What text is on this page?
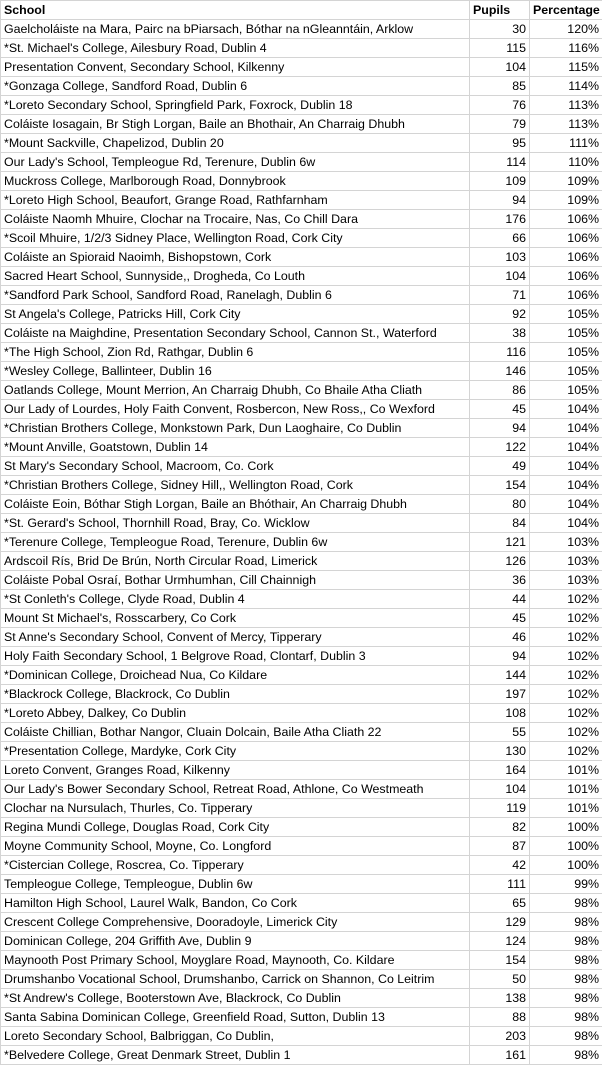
School	Pupils	Percentage
Gaelcholáiste na Mara, Pairc na bPiarsach, Bóthar na nGleanntáin, Arklow	30	120%
*St. Michael's College, Ailesbury Road, Dublin 4	115	116%
Presentation Convent, Secondary School, Kilkenny	104	115%
*Gonzaga College, Sandford Road, Dublin 6	85	114%
*Loreto Secondary School, Springfield Park, Foxrock, Dublin 18	76	113%
Coláiste Iosagain, Br Stigh Lorgan, Baile an Bhothair, An Charraig Dhubh	79	113%
*Mount Sackville, Chapelizod, Dublin 20	95	111%
Our Lady's School, Templeogue Rd, Terenure, Dublin 6w	114	110%
Muckross College, Marlborough Road, Donnybrook	109	109%
*Loreto High School, Beaufort, Grange Road, Rathfarnham	94	109%
Coláiste Naomh Mhuire, Clochar na Trocaire, Nas, Co Chill Dara	176	106%
*Scoil Mhuire, 1/2/3 Sidney Place, Wellington Road, Cork City	66	106%
Coláiste an Spioraid Naoimh, Bishopstown, Cork	103	106%
Sacred Heart School, Sunnyside,, Drogheda, Co Louth	104	106%
*Sandford Park School, Sandford Road, Ranelagh, Dublin 6	71	106%
St Angela's College, Patricks Hill, Cork City	92	105%
Coláiste na Maighdine, Presentation Secondary School, Cannon St., Waterford	38	105%
*The High School, Zion Rd, Rathgar, Dublin 6	116	105%
*Wesley College, Ballinteer, Dublin 16	146	105%
Oatlands College, Mount Merrion, An Charraig Dhubh, Co Bhaile Atha Cliath	86	105%
Our Lady of Lourdes, Holy Faith Convent, Rosbercon, New Ross,, Co Wexford	45	104%
*Christian Brothers College, Monkstown Park, Dun Laoghaire, Co Dublin	94	104%
*Mount Anville, Goatstown, Dublin 14	122	104%
St Mary's Secondary School, Macroom, Co. Cork	49	104%
*Christian Brothers College, Sidney Hill,, Wellington Road, Cork	154	104%
Coláiste Eoin, Bóthar Stigh Lorgan, Baile an Bhóthair, An Charraig Dhubh	80	104%
*St. Gerard's School, Thornhill Road, Bray, Co. Wicklow	84	104%
*Terenure College, Templeogue Road, Terenure, Dublin 6w	121	103%
Ardscoil Rís, Brid De Brún, North Circular Road, Limerick	126	103%
Coláiste Pobal Osraí, Bothar Urmhumhan, Cill Chainnigh	36	103%
*St Conleth's College, Clyde Road, Dublin 4	44	102%
Mount St Michael's, Rosscarbery, Co Cork	45	102%
St Anne's Secondary School, Convent of Mercy, Tipperary	46	102%
Holy Faith Secondary School, 1 Belgrove Road, Clontarf, Dublin 3	94	102%
*Dominican College, Droichead Nua, Co Kildare	144	102%
*Blackrock College, Blackrock, Co Dublin	197	102%
*Loreto Abbey, Dalkey, Co Dublin	108	102%
Coláiste Chillian, Bothar Nangor, Cluain Dolcain, Baile Atha Cliath 22	55	102%
*Presentation College, Mardyke, Cork City	130	102%
Loreto Convent, Granges Road, Kilkenny	164	101%
Our Lady's Bower Secondary School, Retreat Road, Athlone, Co Westmeath	104	101%
Clochar na Nursulach, Thurles, Co. Tipperary	119	101%
Regina Mundi College, Douglas Road, Cork City	82	100%
Moyne Community School, Moyne, Co. Longford	87	100%
*Cistercian College, Roscrea, Co. Tipperary	42	100%
Templeogue College, Templeogue, Dublin 6w	111	99%
Hamilton High School, Laurel Walk, Bandon, Co Cork	65	98%
Crescent College Comprehensive, Dooradoyle, Limerick City	129	98%
Dominican College, 204 Griffith Ave, Dublin 9	124	98%
Maynooth Post Primary School, Moyglare Road, Maynooth, Co. Kildare	154	98%
Drumshanbo Vocational School, Drumshanbo, Carrick on Shannon, Co Leitrim	50	98%
*St Andrew's College, Booterstown Ave, Blackrock, Co Dublin	138	98%
Santa Sabina Dominican College, Greenfield Road, Sutton, Dublin 13	88	98%
Loreto Secondary School, Balbriggan, Co Dublin,	203	98%
*Belvedere College, Great Denmark Street, Dublin 1	161	98%
